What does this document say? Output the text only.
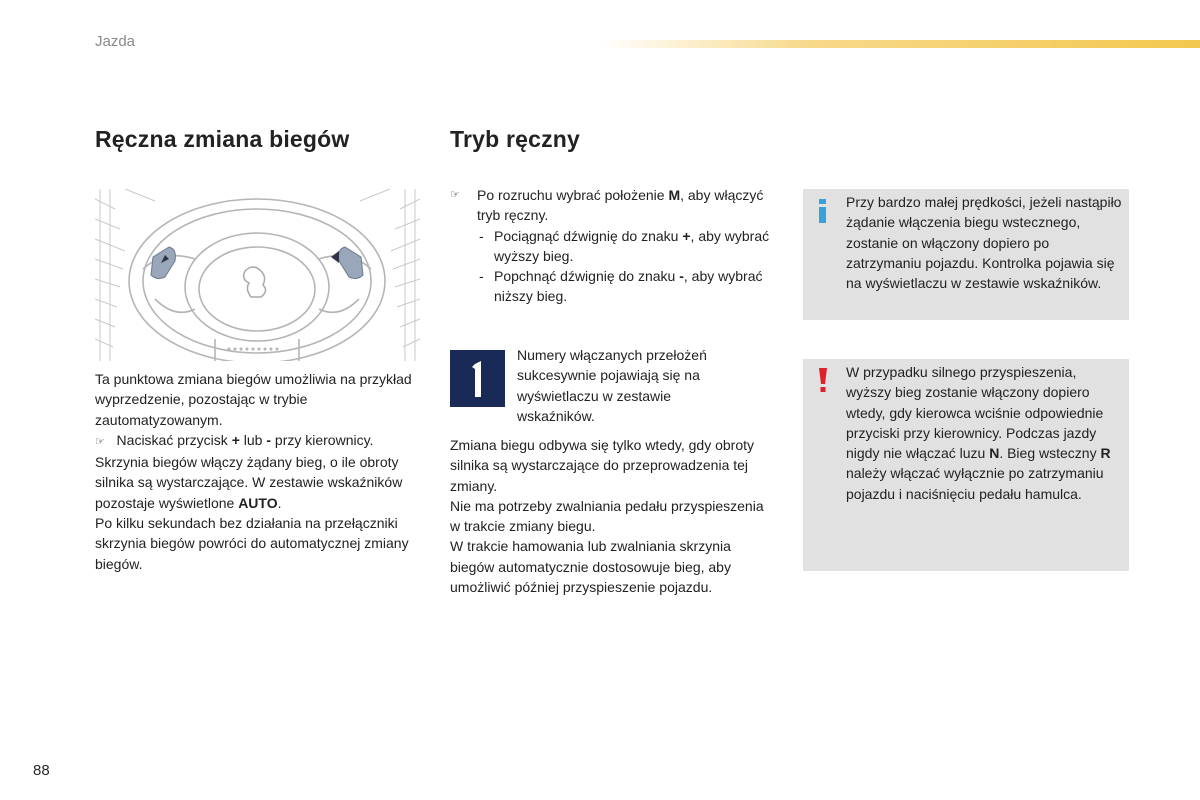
Jazda
Ręczna zmiana biegów

Ta punktowa zmiana biegów umożliwia na przykład wyprzedzenie, pozostając w trybie zautomatyzowanym.

☞ Naciskać przycisk + lub - przy kierownicy. Skrzynia biegów włączy żądany bieg, o ile obroty silnika są wystarczające. W zestawie wskaźników pozostaje wyświetlone AUTO.

Po kilku sekundach bez działania na przełączniki skrzynia biegów powróci do automatycznej zmiany biegów.

Tryb ręczny
☞ Po rozruchu wybrać położenie M, aby włączyć tryb ręczny.
- Pociągnąć dźwignię do znaku +, aby wybrać wyższy bieg.
- Popchnąć dźwignię do znaku -, aby wybrać niższy bieg.

Numery włączanych przełożeń sukcesywnie pojawiają się na wyświetlaczu w zestawie wskaźników.

Zmiana biegu odbywa się tylko wtedy, gdy obroty silnika są wystarczające do przeprowadzenia tej zmiany.

Nie ma potrzeby zwalniania pedału przyspieszenia w trakcie zmiany biegu.

W trakcie hamowania lub zwalniania skrzynia biegów automatycznie dostosowuje bieg, aby umożliwić później przyspieszenie pojazdu.

Przy bardzo małej prędkości, jeżeli nastąpiło żądanie włączenia biegu wstecznego, zostanie on włączony dopiero po zatrzymaniu pojazdu. Kontrolka pojawia się na wyświetlaczu w zestawie wskaźników.

W przypadku silnego przyspieszenia, wyższy bieg zostanie włączony dopiero wtedy, gdy kierowca wciśnie odpowiednie przyciski przy kierownicy. Podczas jazdy nigdy nie włączać luzu N. Bieg wsteczny R należy włączać wyłącznie po zatrzymaniu pojazdu i naciśnięciu pedału hamulca.

88
